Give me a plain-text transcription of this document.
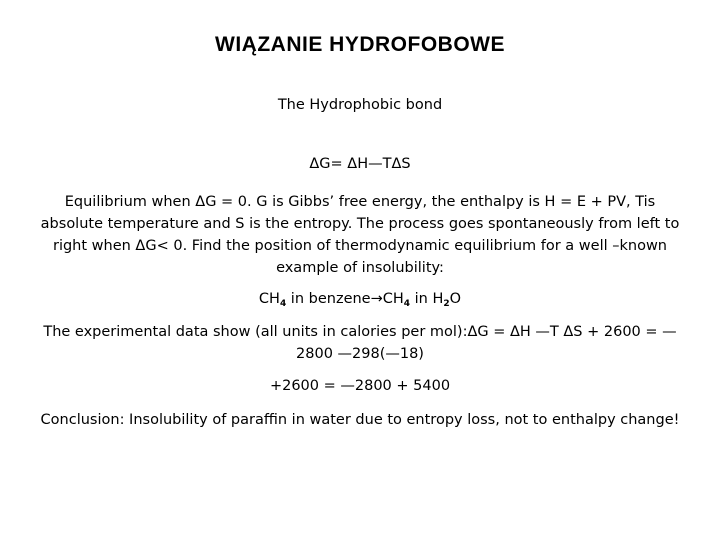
WIĄZANIE HYDROFOBOWE
The Hydrophobic bond
ΔG= ΔH—TΔS
Equilibrium when ΔG = 0. G is Gibbs’ free energy, the enthalpy is H = E + PV, Tis absolute temperature and S is the entropy. The process goes spontaneously from left to right when ΔG< 0. Find the position of thermodynamic equilibrium for a well –known example of insolubility:
$CH_4$ in $benzene\to CH_4$ in $H_2O$
The experimental data show (all units in calories per mol):ΔG = ΔH —T ΔS + 2600 = —2800 —298(—18)
+2600 = —2800 + 5400
Conclusion: Insolubility of paraffin in water due to entropy loss, not to enthalpy change!
